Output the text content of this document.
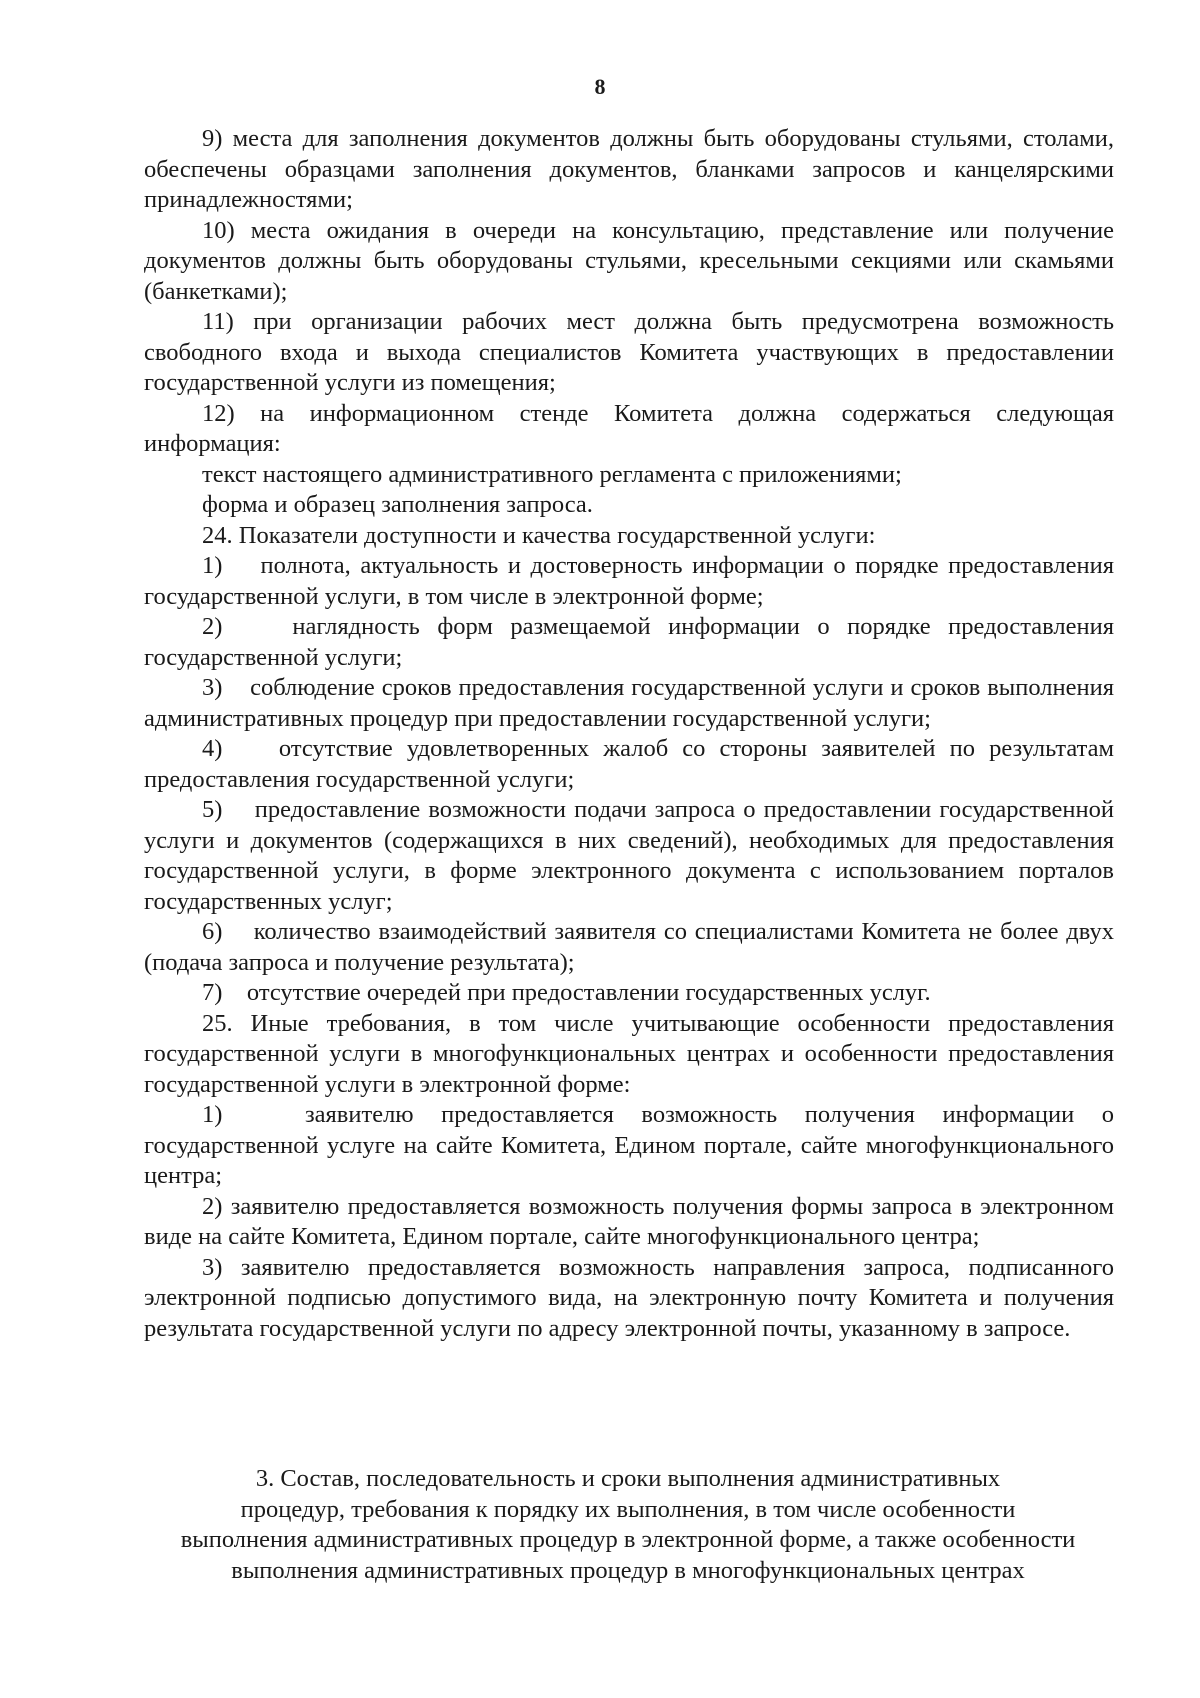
8

9) места для заполнения документов должны быть оборудованы стульями, столами, обеспечены образцами заполнения документов, бланками запросов и канцелярскими принадлежностями;

10) места ожидания в очереди на консультацию, представление или получение документов должны быть оборудованы стульями, кресельными секциями или скамьями (банкетками);

11) при организации рабочих мест должна быть предусмотрена возможность свободного входа и выхода специалистов Комитета участвующих в предоставлении государственной услуги из помещения;

12) на информационном стенде Комитета должна содержаться следующая информация:

текст настоящего административного регламента с приложениями;

форма и образец заполнения запроса.

24. Показатели доступности и качества государственной услуги:

1)    полнота, актуальность и достоверность информации о порядке предоставления государственной услуги, в том числе в электронной форме;

2)    наглядность форм размещаемой информации о порядке предоставления государственной услуги;

3)    соблюдение сроков предоставления государственной услуги и сроков выполнения административных процедур при предоставлении государственной услуги;

4)    отсутствие удовлетворенных жалоб со стороны заявителей по результатам предоставления государственной услуги;

5)    предоставление возможности подачи запроса о предоставлении государственной услуги и документов (содержащихся в них сведений), необходимых для предоставления государственной услуги, в форме электронного документа с использованием порталов государственных услуг;

6)    количество взаимодействий заявителя со специалистами Комитета не более двух (подача запроса и получение результата);

7)    отсутствие очередей при предоставлении государственных услуг.

25. Иные требования, в том числе учитывающие особенности предоставления государственной услуги в многофункциональных центрах и особенности предоставления государственной услуги в электронной форме:

1)   заявителю предоставляется возможность получения информации о государственной услуге на сайте Комитета, Едином портале, сайте многофункционального центра;

2) заявителю предоставляется возможность получения формы запроса в электронном виде на сайте Комитета, Едином портале, сайте многофункционального центра;

3) заявителю предоставляется возможность направления запроса, подписанного электронной подписью допустимого вида, на электронную почту Комитета и получения результата государственной услуги по адресу электронной почты, указанному в запросе.

3. Состав, последовательность и сроки выполнения административных
процедур, требования к порядку их выполнения, в том числе особенности
выполнения административных процедур в электронной форме, а также особенности
выполнения административных процедур в многофункциональных центрах
